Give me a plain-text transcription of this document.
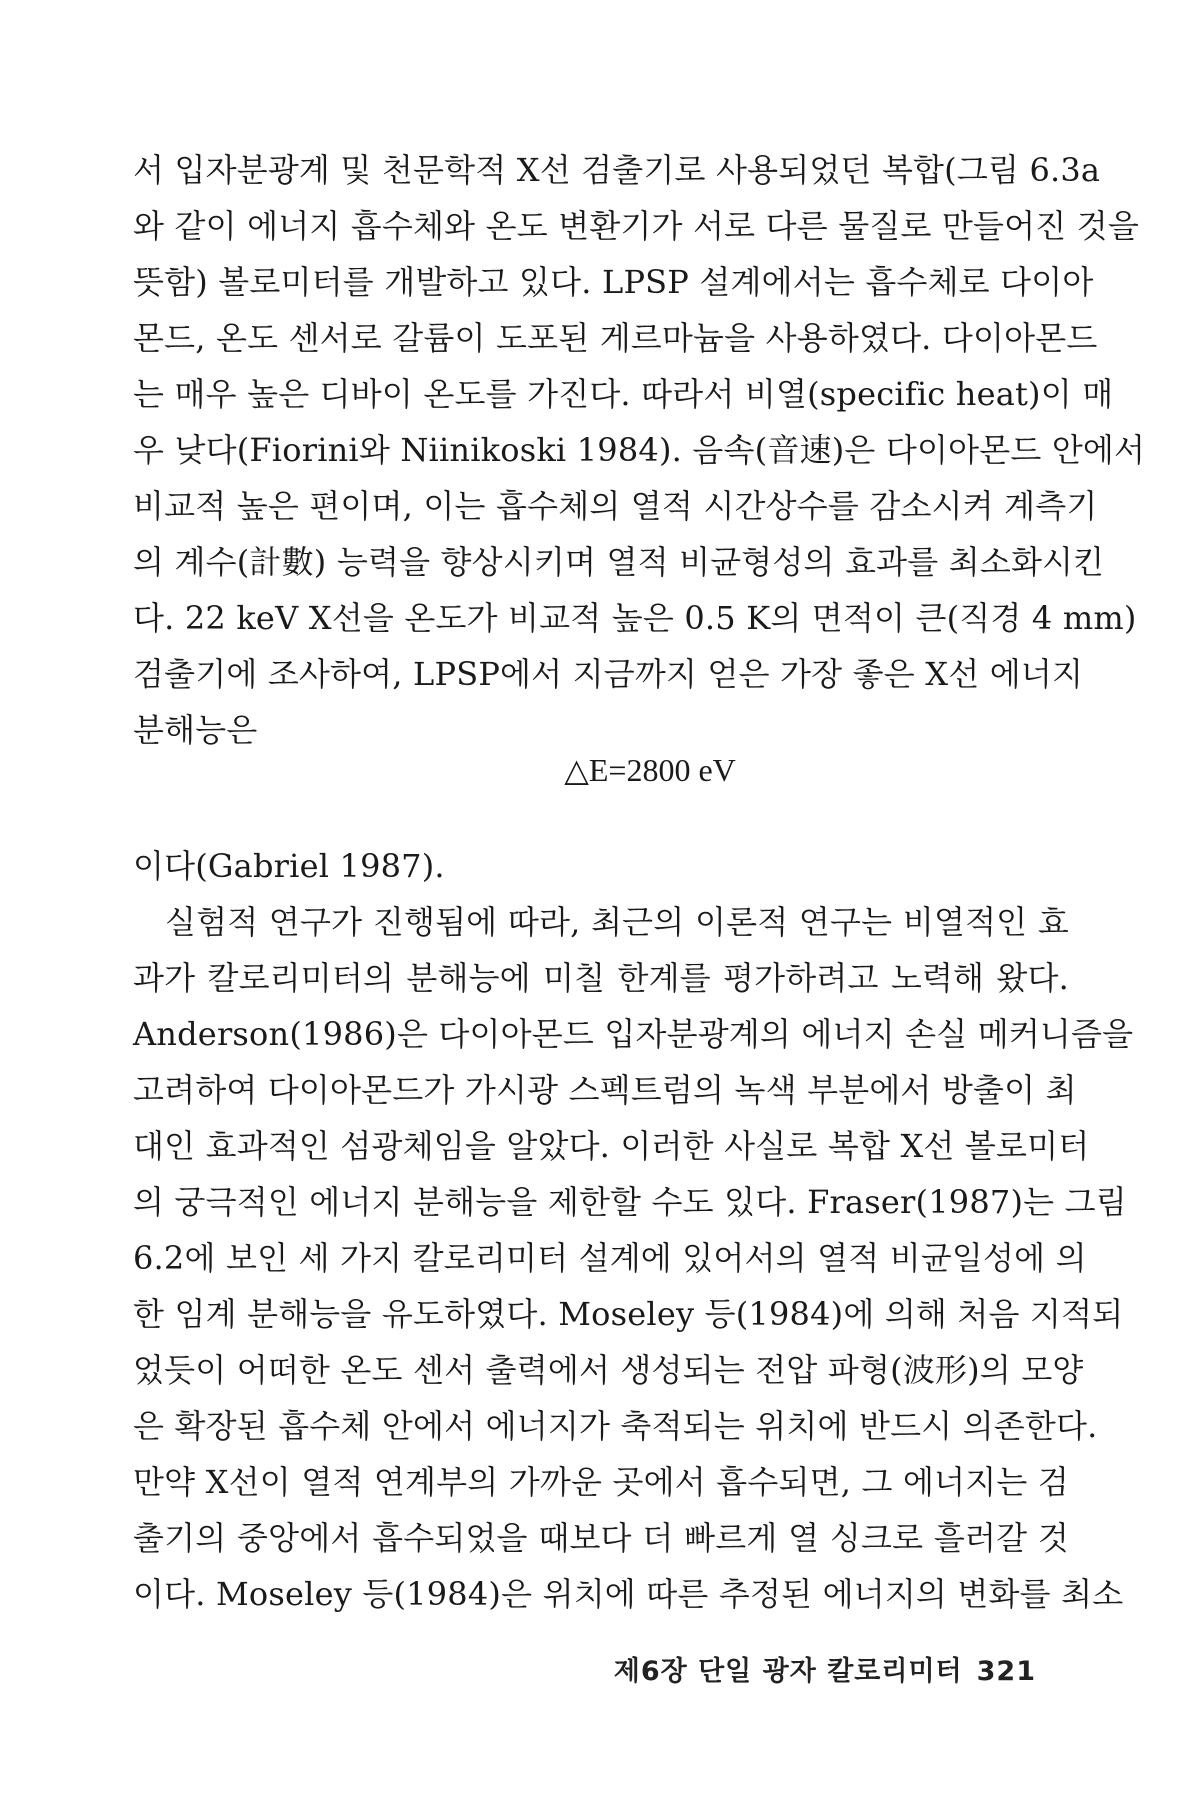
서 입자분광계 및 천문학적 X선 검출기로 사용되었던 복합(그림 6.3a
와 같이 에너지 흡수체와 온도 변환기가 서로 다른 물질로 만들어진 것을
뜻함) 볼로미터를 개발하고 있다. LPSP 설계에서는 흡수체로 다이아
몬드, 온도 센서로 갈륨이 도포된 게르마늄을 사용하였다. 다이아몬드
는 매우 높은 디바이 온도를 가진다. 따라서 비열(specific heat)이 매
우 낮다(Fiorini와 Niinikoski 1984). 음속(音速)은 다이아몬드 안에서
비교적 높은 편이며, 이는 흡수체의 열적 시간상수를 감소시켜 계측기
의 계수(計數) 능력을 향상시키며 열적 비균형성의 효과를 최소화시킨
다. 22 keV X선을 온도가 비교적 높은 0.5 K의 면적이 큰(직경 4 mm)
검출기에 조사하여, LPSP에서 지금까지 얻은 가장 좋은 X선 에너지
분해능은
△E=2800 eV
이다(Gabriel 1987).
실험적 연구가 진행됨에 따라, 최근의 이론적 연구는 비열적인 효
과가 칼로리미터의 분해능에 미칠 한계를 평가하려고 노력해 왔다.
Anderson(1986)은 다이아몬드 입자분광계의 에너지 손실 메커니즘을
고려하여 다이아몬드가 가시광 스펙트럼의 녹색 부분에서 방출이 최
대인 효과적인 섬광체임을 알았다. 이러한 사실로 복합 X선 볼로미터
의 궁극적인 에너지 분해능을 제한할 수도 있다. Fraser(1987)는 그림
6.2에 보인 세 가지 칼로리미터 설계에 있어서의 열적 비균일성에 의
한 임계 분해능을 유도하였다. Moseley 등(1984)에 의해 처음 지적되
었듯이 어떠한 온도 센서 출력에서 생성되는 전압 파형(波形)의 모양
은 확장된 흡수체 안에서 에너지가 축적되는 위치에 반드시 의존한다.
만약 X선이 열적 연계부의 가까운 곳에서 흡수되면, 그 에너지는 검
출기의 중앙에서 흡수되었을 때보다 더 빠르게 열 싱크로 흘러갈 것
이다. Moseley 등(1984)은 위치에 따른 추정된 에너지의 변화를 최소
제6장 단일 광자 칼로리미터 321
